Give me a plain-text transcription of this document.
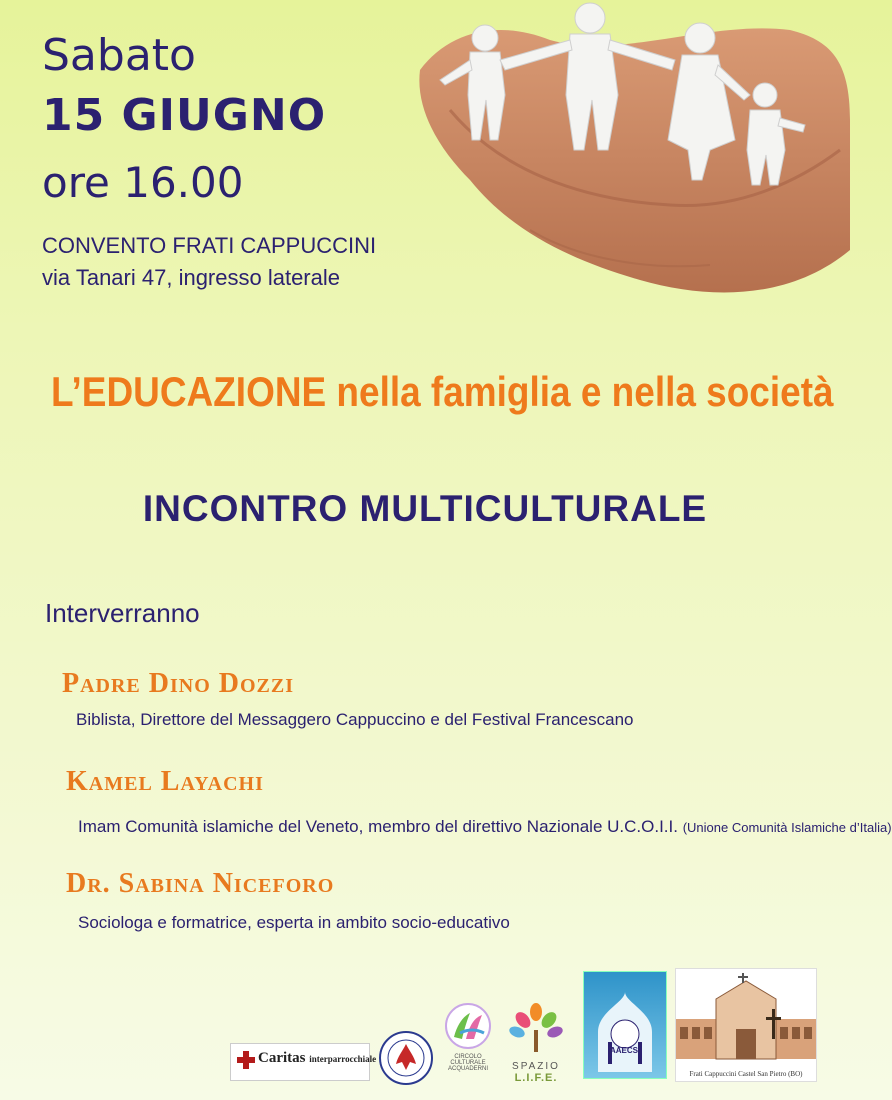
Sabato
15 GIUGNO
ore 16.00
CONVENTO FRATI CAPPUCCINI
via Tanari 47, ingresso laterale
L’EDUCAZIONE nella famiglia e nella società
INCONTRO MULTICULTURALE
Interverranno
Padre Dino Dozzi
Biblista, Direttore del Messaggero Cappuccino e del Festival Francescano
Kamel Layachi
Imam Comunità islamiche del Veneto, membro del direttivo Nazionale U.C.O.I.I. (Unione Comunità Islamiche d’Italia)
Dr. Sabina Niceforo
Sociologa e formatrice, esperta in ambito socio-educativo
Caritas interparrocchiale	CIRCOLO CULTURALE ACQUADERNI	SPAZIO
L.I.F.E.
AAECS
Frati Cappuccini Castel San Pietro (BO)
